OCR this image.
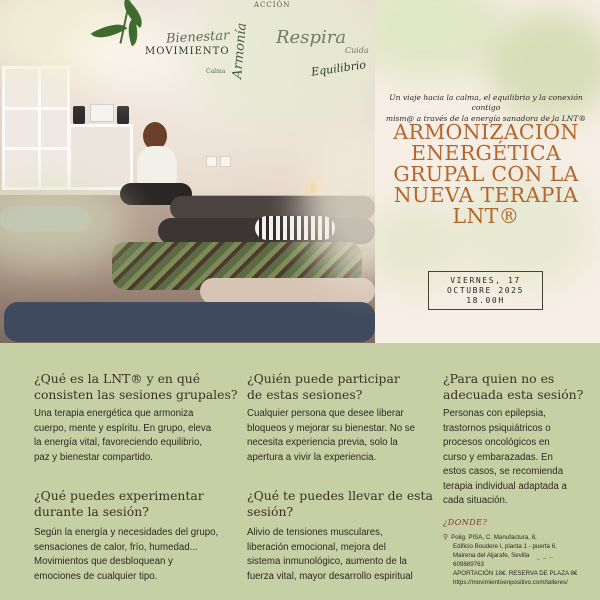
Bienestar
MOVIMIENTO Armonía
ACCIÓN
Respira
Equilibrio
Calma
Cuida
Un viaje hacia la calma, el equilibrio y la conexión contigo
mism@ a través de la energía sanadora de la LNT®
ARMONIZACIÓN
ENERGÉTICA
GRUPAL CON LA
NUEVA TERAPIA
LNT®
VIERNES, 17
OCTUBRE 2025
18.00H
¿Qué es la LNT® y en qué
consisten las sesiones grupales?
Una terapia energética que armoniza
cuerpo, mente y espíritu. En grupo, eleva
la energía vital, favoreciendo equilibrio,
paz y bienestar compartido.
¿Quién puede participar
de estas sesiones?
Cualquier persona que desee liberar
bloqueos y mejorar su bienestar. No se
necesita experiencia previa, solo la
apertura a vivir la experiencia.
¿Para quien no es
adecuada esta sesión?
Personas con epilepsia,
trastornos psiquiátricos o
procesos oncológicos en
curso y embarazadas. En
estos casos, se recomienda
terapia individual adaptada a
cada situación.
¿Qué puedes experimentar
durante la sesión?
Según la energía y necesidades del grupo,
sensaciones de calor, frío, humedad...
Movimientos que desbloquean y
emociones de cualquier tipo.
¿Qué te puedes llevar de esta
sesión?
Alivio de tensiones musculares,
liberación emocional, mejora del
sistema inmunológico, aumento de la
fuerza vital, mayor desarrollo espiritual
¿DONDE?
⚲ Polig. PISA, C. Manufactura, 8,
Edificio Boudere I, planta 1 - puerta 6,
Mairena del Aljarafe, Sevilla
609889763
APORTACIÓN 18€. RESERVA DE PLAZA 8€
https://movimientoenpositivo.com/talleres/
~ ~ ~
